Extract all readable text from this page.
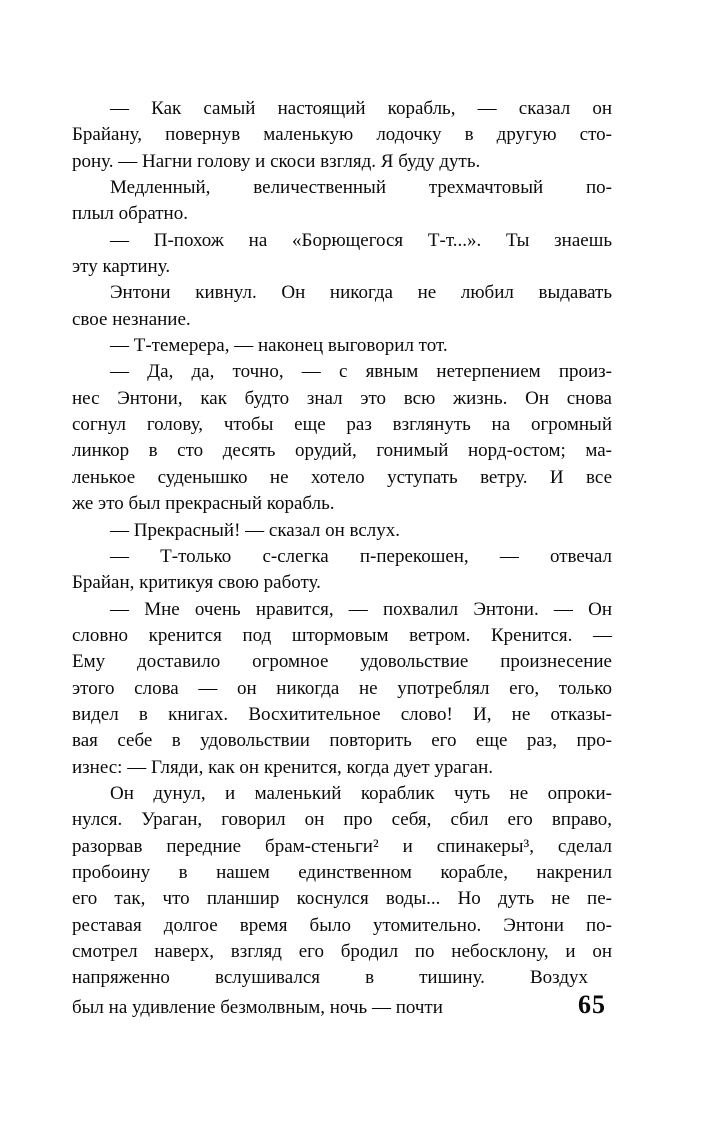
— Как самый настоящий корабль, — сказал он
Брайану, повернув маленькую лодочку в другую сто-
рону. — Нагни голову и скоси взгляд. Я буду дуть.
Медленный, величественный трехмачтовый по-
плыл обратно.
— П-похож на «Борющегося Т-т...». Ты знаешь
эту картину.
Энтони кивнул. Он никогда не любил выдавать
свое незнание.
— Т-темерера, — наконец выговорил тот.
— Да, да, точно, — с явным нетерпением произ-
нес Энтони, как будто знал это всю жизнь. Он снова
согнул голову, чтобы еще раз взглянуть на огромный
линкор в сто десять орудий, гонимый норд-остом; ма-
ленькое суденышко не хотело уступать ветру. И все
же это был прекрасный корабль.
— Прекрасный! — сказал он вслух.
— Т-только с-слегка п-перекошен, — отвечал
Брайан, критикуя свою работу.
— Мне очень нравится, — похвалил Энтони. — Он
словно кренится под штормовым ветром. Кренится. —
Ему доставило огромное удовольствие произнесение
этого слова — он никогда не употреблял его, только
видел в книгах. Восхитительное слово! И, не отказы-
вая себе в удовольствии повторить его еще раз, про-
изнес: — Гляди, как он кренится, когда дует ураган.
Он дунул, и маленький кораблик чуть не опроки-
нулся. Ураган, говорил он про себя, сбил его вправо,
разорвав передние брам-стеньги² и спинакеры³, сделал
пробоину в нашем единственном корабле, накренил
его так, что планшир коснулся воды... Но дуть не пе-
реставая долгое время было утомительно. Энтони по-
смотрел наверх, взгляд его бродил по небосклону, и он
напряженно вслушивался в тишину. Воздух
был на удивление безмолвным, ночь — почти	65
